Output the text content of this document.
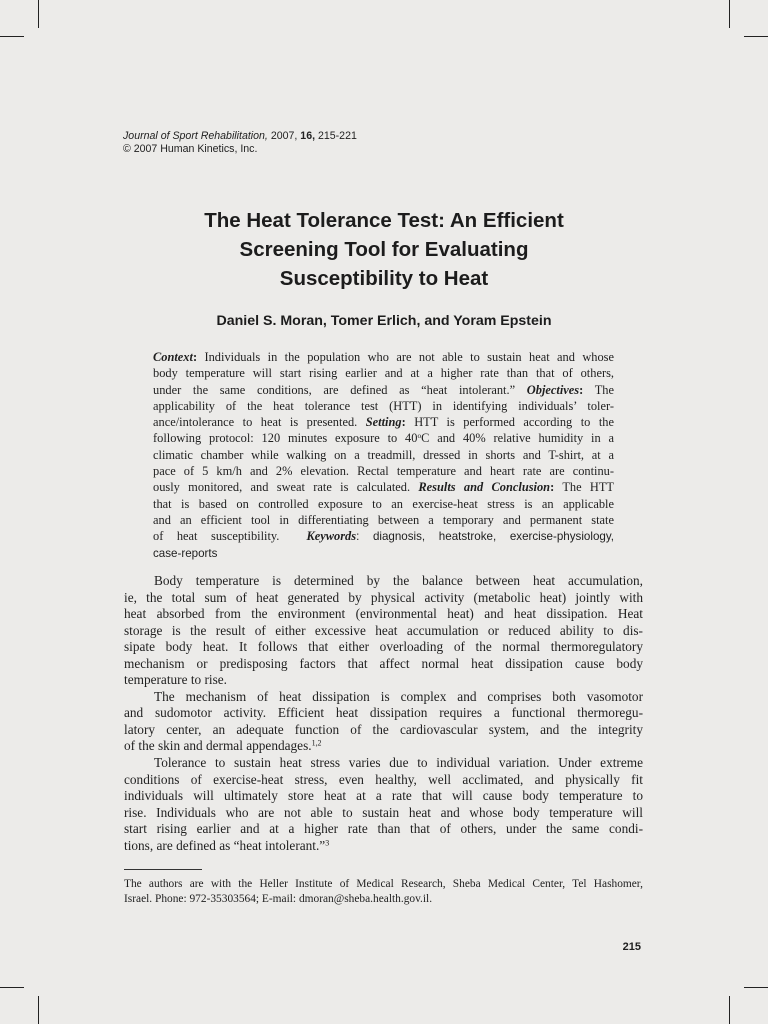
Journal of Sport Rehabilitation, 2007, 16, 215-221
© 2007 Human Kinetics, Inc.
The Heat Tolerance Test: An Efficient
Screening Tool for Evaluating
Susceptibility to Heat
Daniel S. Moran, Tomer Erlich, and Yoram Epstein
Context: Individuals in the population who are not able to sustain heat and whose
body temperature will start rising earlier and at a higher rate than that of others,
under the same conditions, are defined as “heat intolerant.” Objectives: The
applicability of the heat tolerance test (HTT) in identifying individuals’ toler-
ance/intolerance to heat is presented. Setting: HTT is performed according to the
following protocol: 120 minutes exposure to 40$^o$C and 40% relative humidity in a
climatic chamber while walking on a treadmill, dressed in shorts and T-shirt, at a
pace of 5 km/h and 2% elevation. Rectal temperature and heart rate are continu-
ously monitored, and sweat rate is calculated. Results and Conclusion: The HTT
that is based on controlled exposure to an exercise-heat stress is an applicable
and an efficient tool in differentiating between a temporary and permanent state
of heat susceptibility. Keywords: diagnosis, heatstroke, exercise-physiology,
case-reports
Body temperature is determined by the balance between heat accumulation,
ie, the total sum of heat generated by physical activity (metabolic heat) jointly with
heat absorbed from the environment (environmental heat) and heat dissipation. Heat
storage is the result of either excessive heat accumulation or reduced ability to dis-
sipate body heat. It follows that either overloading of the normal thermoregulatory
mechanism or predisposing factors that affect normal heat dissipation cause body
temperature to rise.
The mechanism of heat dissipation is complex and comprises both vasomotor
and sudomotor activity. Efficient heat dissipation requires a functional thermoregu-
latory center, an adequate function of the cardiovascular system, and the integrity
of the skin and dermal appendages.$^{1,2}$
Tolerance to sustain heat stress varies due to individual variation. Under extreme
conditions of exercise-heat stress, even healthy, well acclimated, and physically fit
individuals will ultimately store heat at a rate that will cause body temperature to
rise. Individuals who are not able to sustain heat and whose body temperature will
start rising earlier and at a higher rate than that of others, under the same condi-
tions, are defined as “heat intolerant.”$^3$
The authors are with the Heller Institute of Medical Research, Sheba Medical Center, Tel Hashomer,
Israel. Phone: 972-35303564; E-mail: dmoran@sheba.health.gov.il.
215
